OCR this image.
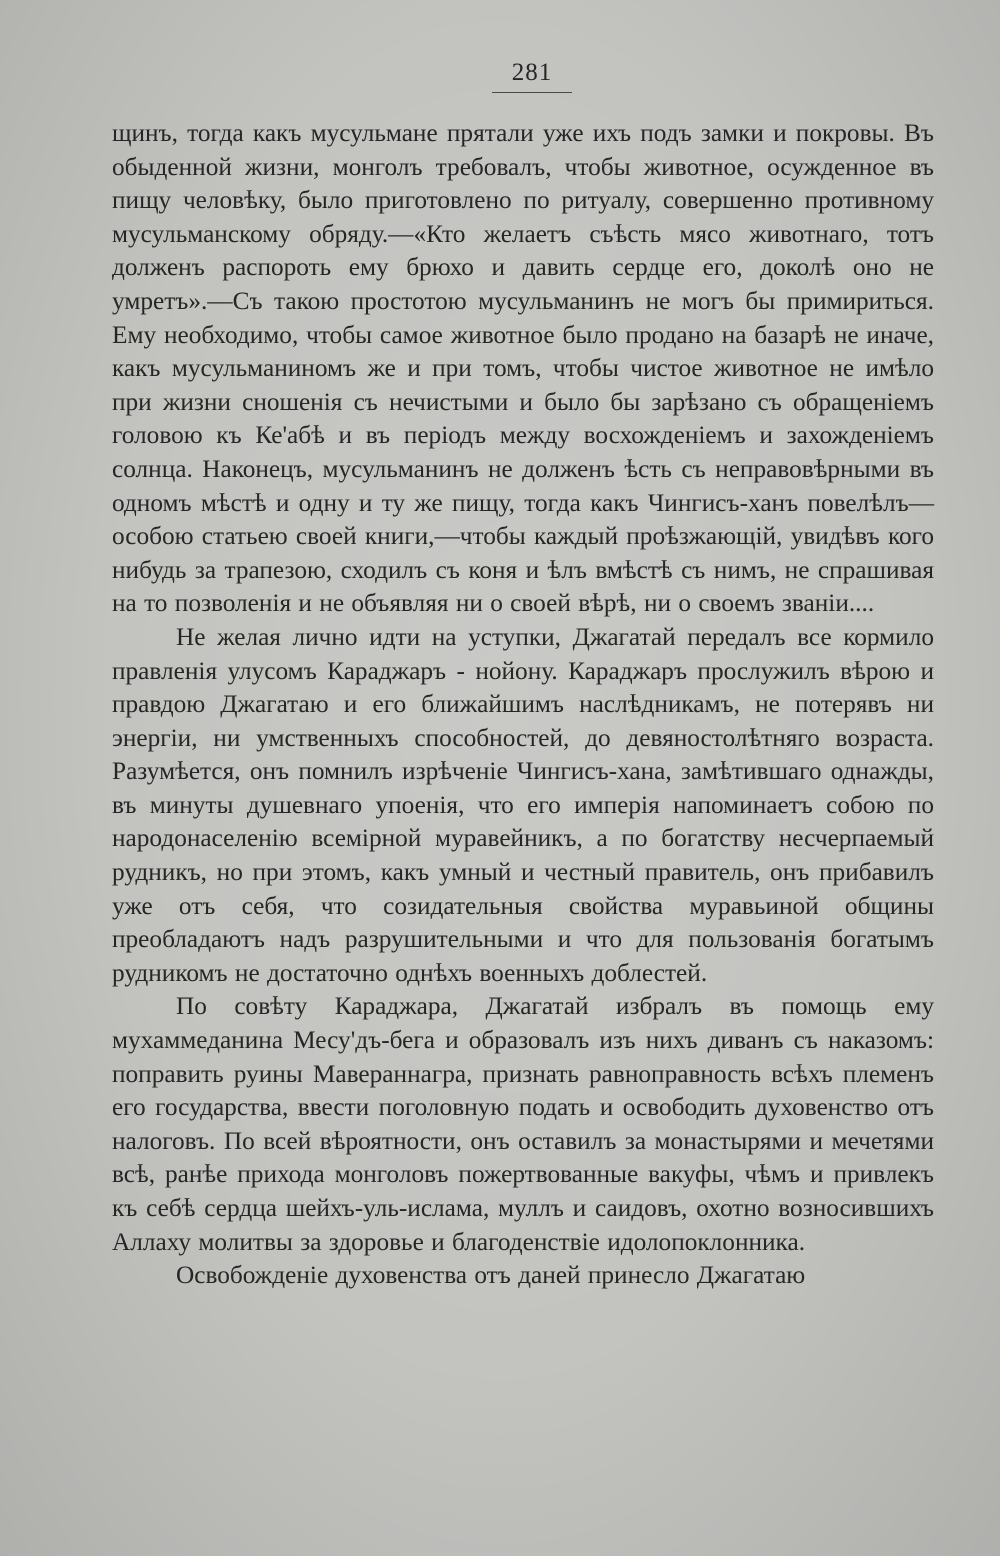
281

щинъ, тогда какъ мусульмане прятали уже ихъ подъ замки и покровы. Въ обыденной жизни, монголъ требовалъ, чтобы животное, осужденное въ пищу человѣку, было приготовлено по ритуалу, совершенно противному мусульманскому обряду.—«Кто желаетъ съѣсть мясо животнаго, тотъ долженъ распороть ему брюхо и давить сердце его, доколѣ оно не умретъ».—Съ такою простотою мусульманинъ не могъ бы примириться. Ему необходимо, чтобы самое животное было продано на базарѣ не иначе, какъ мусульманиномъ же и при томъ, чтобы чистое животное не имѣло при жизни сношенія съ нечистыми и было бы зарѣзано съ обращеніемъ головою къ Ке'абѣ и въ періодъ между восхожденіемъ и захожденіемъ солнца. Наконецъ, мусульманинъ не долженъ ѣсть съ неправовѣрными въ одномъ мѣстѣ и одну и ту же пищу, тогда какъ Чингисъ-ханъ повелѣлъ—особою статьею своей книги,—чтобы каждый проѣзжающій, увидѣвъ кого нибудь за трапезою, сходилъ съ коня и ѣлъ вмѣстѣ съ нимъ, не спрашивая на то позволенія и не объявляя ни о своей вѣрѣ, ни о своемъ званіи....

Не желая лично идти на уступки, Джагатай передалъ все кормило правленія улусомъ Караджаръ - нойону. Караджаръ прослужилъ вѣрою и правдою Джагатаю и его ближайшимъ наслѣдникамъ, не потерявъ ни энергіи, ни умственныхъ способностей, до девяностолѣтняго возраста. Разумѣется, онъ помнилъ изрѣченіе Чингисъ-хана, замѣтившаго однажды, въ минуты душевнаго упоенія, что его имперія напоминаетъ собою по народонаселенію всемірной муравейникъ, а по богатству несчерпаемый рудникъ, но при этомъ, какъ умный и честный правитель, онъ прибавилъ уже отъ себя, что созидательныя свойства муравьиной общины преобладаютъ надъ разрушительными и что для пользованія богатымъ рудникомъ не достаточно однѣхъ военныхъ доблестей.

По совѣту Караджара, Джагатай избралъ въ помощь ему мухаммеданина Месу'дъ-бега и образовалъ изъ нихъ диванъ съ наказомъ: поправить руины Мавераннагра, признать равноправность всѣхъ племенъ его государства, ввести поголовную подать и освободить духовенство отъ налоговъ. По всей вѣроятности, онъ оставилъ за монастырями и мечетями всѣ, ранѣе прихода монголовъ пожертвованные вакуфы, чѣмъ и привлекъ къ себѣ сердца шейхъ-уль-ислама, муллъ и саидовъ, охотно возносившихъ Аллаху молитвы за здоровье и благоденствіе идолопоклонника.

Освобожденіе духовенства отъ даней принесло Джагатаю
